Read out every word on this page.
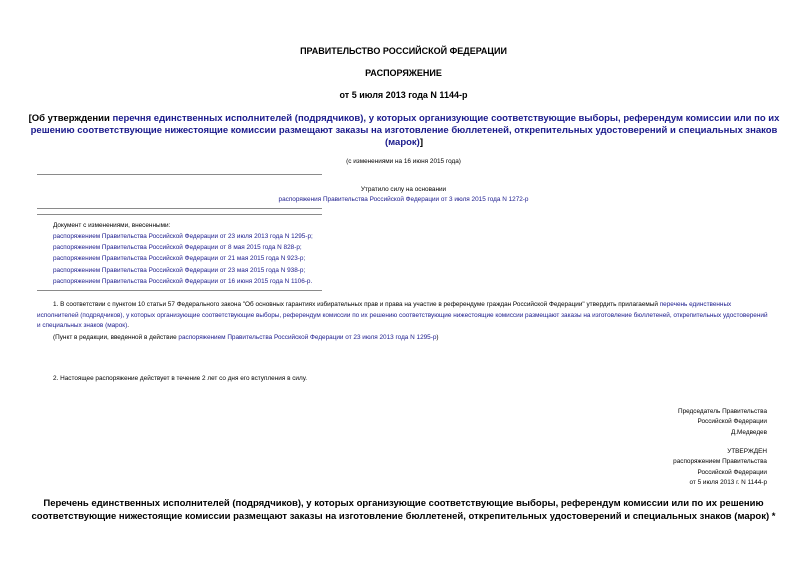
ПРАВИТЕЛЬСТВО РОССИЙСКОЙ ФЕДЕРАЦИИ
РАСПОРЯЖЕНИЕ
от 5 июля 2013 года N 1144-р
[Об утверждении перечня единственных исполнителей (подрядчиков), у которых организующие соответствующие выборы, референдум комиссии или по их решению соответствующие нижестоящие комиссии размещают заказы на изготовление бюллетеней, открепительных удостоверений и специальных знаков (марок)]
(с изменениями на 16 июня 2015 года)
Утратило силу на основании
распоряжения Правительства Российской Федерации от 3 июля 2015 года N 1272-р
Документ с изменениями, внесенными:
распоряжением Правительства Российской Федерации от 23 июля 2013 года N 1295-р;
распоряжением Правительства Российской Федерации от 8 мая 2015 года N 828-р;
распоряжением Правительства Российской Федерации от 21 мая 2015 года N 923-р;
распоряжением Правительства Российской Федерации от 23 мая 2015 года N 938-р;
распоряжением Правительства Российской Федерации от 16 июня 2015 года N 1106-р.
1. В соответствии с пунктом 10 статьи 57 Федерального закона "Об основных гарантиях избирательных прав и права на участие в референдуме граждан Российской Федерации" утвердить прилагаемый перечень единственных исполнителей (подрядчиков), у которых организующие соответствующие выборы, референдум комиссии по их решению соответствующие нижестоящие комиссии размещают заказы на изготовление бюллетеней, открепительных удостоверений и специальных знаков (марок).
(Пункт в редакции, введенной в действие распоряжением Правительства Российской Федерации от 23 июля 2013 года N 1295-р)
2. Настоящее распоряжение действует в течение 2 лет со дня его вступления в силу.
Председатель Правительства
Российской Федерации
Д.Медведев
УТВЕРЖДЕН
распоряжением Правительства
Российской Федерации
от 5 июля 2013 г. N 1144-р
Перечень единственных исполнителей (подрядчиков), у которых организующие соответствующие выборы, референдум комиссии или по их решению соответствующие нижестоящие комиссии размещают заказы на изготовление бюллетеней, открепительных удостоверений и специальных знаков (марок) *
